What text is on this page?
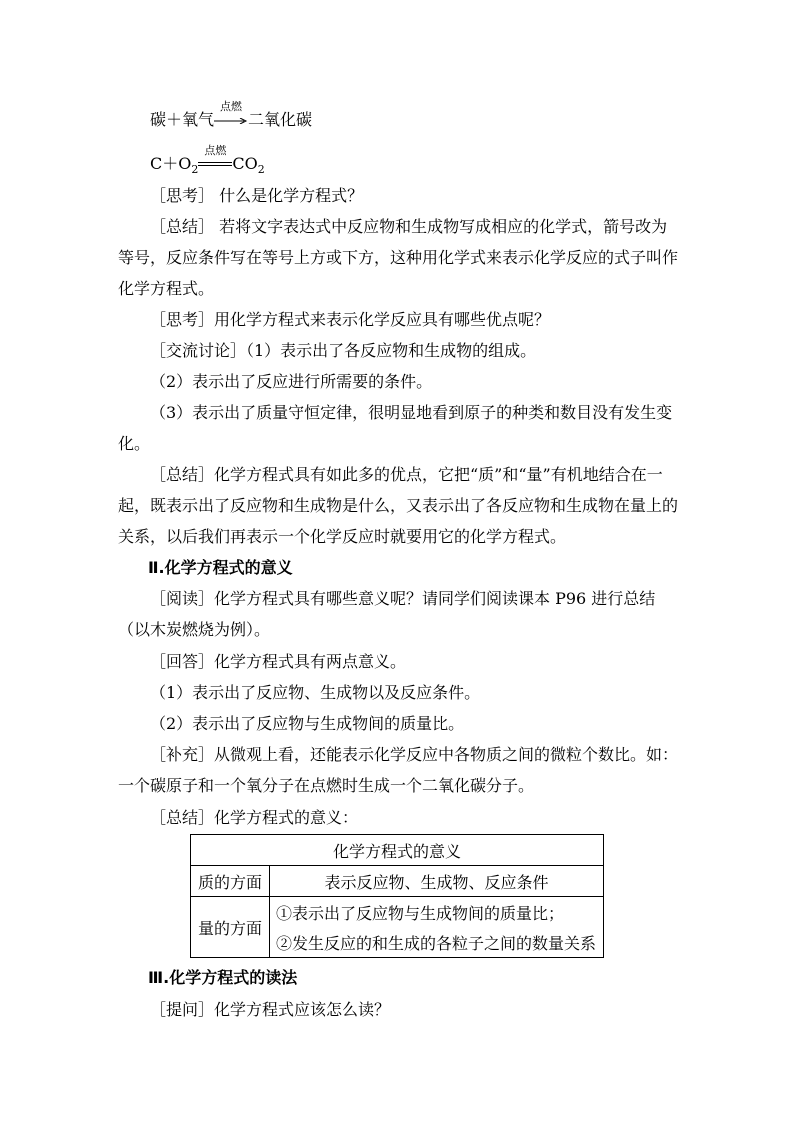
碳＋氧气
点燃
二氧化碳
$C+O_2$
点燃
$CO_2$
［思考］ 什么是化学方程式？
［总结］ 若将文字表达式中反应物和生成物写成相应的化学式，箭号改为等号，反应条件写在等号上方或下方，这种用化学式来表示化学反应的式子叫作化学方程式。
［思考］用化学方程式来表示化学反应具有哪些优点呢？
［交流讨论］（1）表示出了各反应物和生成物的组成。
（2）表示出了反应进行所需要的条件。
（3）表示出了质量守恒定律，很明显地看到原子的种类和数目没有发生变化。
［总结］化学方程式具有如此多的优点，它把“质”和“量”有机地结合在一起，既表示出了反应物和生成物是什么，又表示出了各反应物和生成物在量上的关系，以后我们再表示一个化学反应时就要用它的化学方程式。
Ⅱ.化学方程式的意义
［阅读］化学方程式具有哪些意义呢？请同学们阅读课本 P96 进行总结（以木炭燃烧为例）。
［回答］化学方程式具有两点意义。
（1）表示出了反应物、生成物以及反应条件。
（2）表示出了反应物与生成物间的质量比。
［补充］从微观上看，还能表示化学反应中各物质之间的微粒个数比。如：一个碳原子和一个氧分子在点燃时生成一个二氧化碳分子。
［总结］化学方程式的意义：
化学方程式的意义	
质的方面	表示反应物、生成物、反应条件
量的方面	①表示出了反应物与生成物间的质量比；
	②发生反应的和生成的各粒子之间的数量关系
Ⅲ.化学方程式的读法
［提问］化学方程式应该怎么读？
